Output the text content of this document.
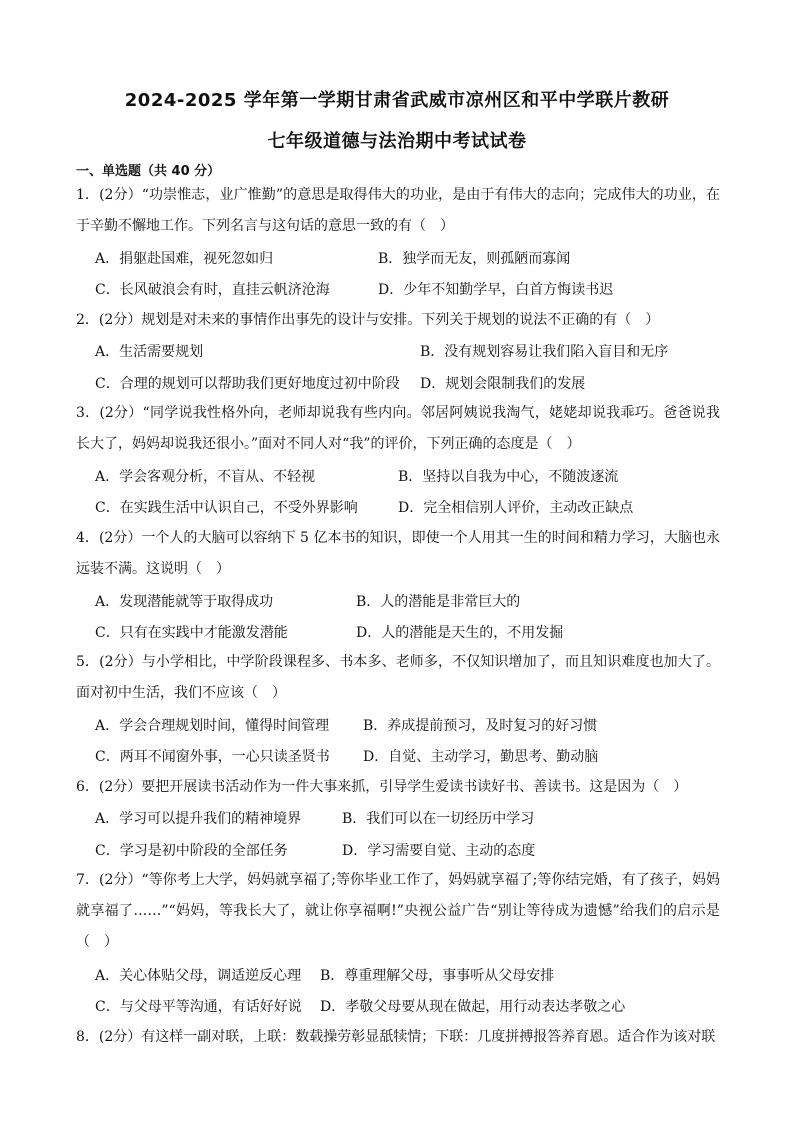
2024-2025 学年第一学期甘肃省武威市凉州区和平中学联片教研
七年级道德与法治期中考试试卷
一、单选题（共 40 分）
1．(2分）“功崇惟志，业广惟勤”的意思是取得伟大的功业，是由于有伟大的志向；完成伟大的功业，在于辛勤不懈地工作。下列名言与这句话的意思一致的有（　）
A．捐躯赴国难，视死忽如归	B．独学而无友，则孤陋而寡闻
C．长风破浪会有时，直挂云帆济沧海	D．少年不知勤学早，白首方悔读书迟
2．(2分）规划是对未来的事情作出事先的设计与安排。下列关于规划的说法不正确的有（　）
A．生活需要规划	B．没有规划容易让我们陷入盲目和无序
C．合理的规划可以帮助我们更好地度过初中阶段 D．规划会限制我们的发展
3．(2分）“同学说我性格外向，老师却说我有些内向。邻居阿姨说我淘气，姥姥却说我乖巧。爸爸说我长大了，妈妈却说我还很小。”面对不同人对“我”的评价，下列正确的态度是（　）
A．学会客观分析，不盲从、不轻视	B．坚持以自我为中心，不随波逐流
C．在实践生活中认识自己，不受外界影响	D．完全相信别人评价，主动改正缺点
4．(2分）一个人的大脑可以容纳下 5 亿本书的知识，即使一个人用其一生的时间和精力学习，大脑也永远装不满。这说明（　）
A．发现潜能就等于取得成功	B．人的潜能是非常巨大的
C．只有在实践中才能激发潜能	D．人的潜能是天生的，不用发掘
5．(2分）与小学相比，中学阶段课程多、书本多、老师多，不仅知识增加了，而且知识难度也加大了。面对初中生活，我们不应该（　）
A．学会合理规划时间，懂得时间管理 B．养成提前预习，及时复习的好习惯
C．两耳不闻窗外事，一心只读圣贤书 D．自觉、主动学习，勤思考、勤动脑
6．(2分）要把开展读书活动作为一件大事来抓，引导学生爱读书读好书、善读书。这是因为（　）
A．学习可以提升我们的精神境界	B．我们可以在一切经历中学习
C．学习是初中阶段的全部任务	D．学习需要自觉、主动的态度
7．(2分）“等你考上大学，妈妈就享福了;等你毕业工作了，妈妈就享福了;等你结完婚，有了孩子，妈妈就享福了……”“妈妈，等我长大了，就让你享福啊!”央视公益广告“别让等待成为遗憾”给我们的启示是（　）
A．关心体贴父母，调适逆反心理 B．尊重理解父母，事事听从父母安排
C．与父母平等沟通，有话好好说 D．孝敬父母要从现在做起，用行动表达孝敬之心
8．(2分）有这样一副对联，上联：数载操劳彰显舐犊情；下联：几度拼搏报答养育恩。适合作为该对联
